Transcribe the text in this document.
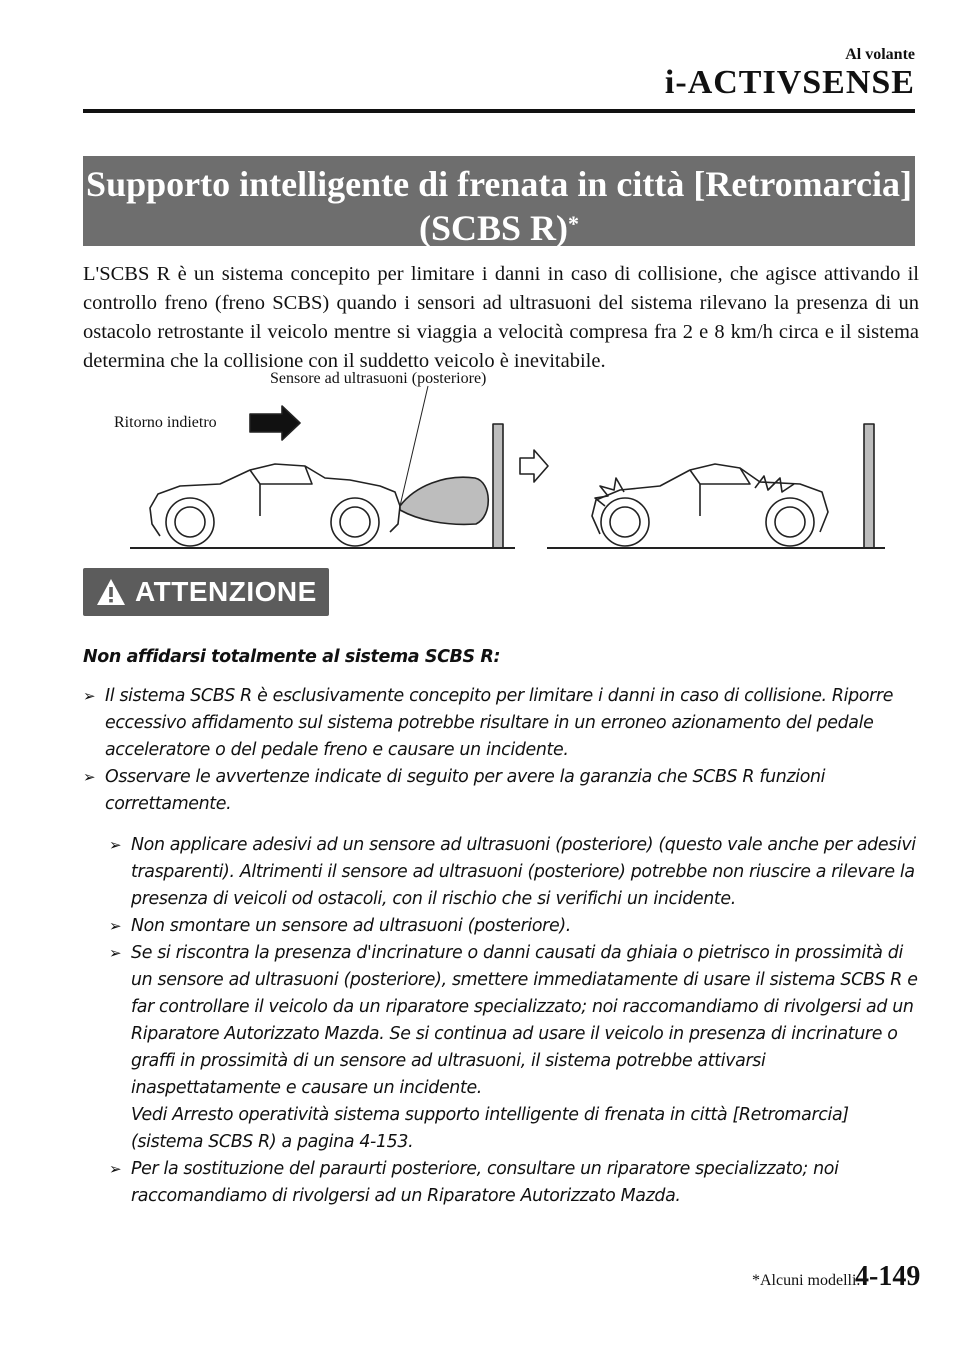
Al volante
i-ACTIVSENSE
Supporto intelligente di frenata in città [Retromarcia]
(SCBS R)*
L'SCBS R è un sistema concepito per limitare i danni in caso di collisione, che agisce attivando il controllo freno (freno SCBS) quando i sensori ad ultrasuoni del sistema rilevano la presenza di un ostacolo retrostante il veicolo mentre si viaggia a velocità compresa fra 2 e 8 km/h circa e il sistema determina che la collisione con il suddetto veicolo è inevitabile.
Sensore ad ultrasuoni (posteriore)
Ritorno indietro
ATTENZIONE
Non affidarsi totalmente al sistema SCBS R:
➢ Il sistema SCBS R è esclusivamente concepito per limitare i danni in caso di collisione. Riporre eccessivo affidamento sul sistema potrebbe risultare in un erroneo azionamento del pedale acceleratore o del pedale freno e causare un incidente.
➢ Osservare le avvertenze indicate di seguito per avere la garanzia che SCBS R funzioni correttamente.
➢ Non applicare adesivi ad un sensore ad ultrasuoni (posteriore) (questo vale anche per adesivi trasparenti). Altrimenti il sensore ad ultrasuoni (posteriore) potrebbe non riuscire a rilevare la presenza di veicoli od ostacoli, con il rischio che si verifichi un incidente.
➢ Non smontare un sensore ad ultrasuoni (posteriore).
➢ Se si riscontra la presenza d'incrinature o danni causati da ghiaia o pietrisco in prossimità di un sensore ad ultrasuoni (posteriore), smettere immediatamente di usare il sistema SCBS R e far controllare il veicolo da un riparatore specializzato; noi raccomandiamo di rivolgersi ad un Riparatore Autorizzato Mazda. Se si continua ad usare il veicolo in presenza di incrinature o graffi in prossimità di un sensore ad ultrasuoni, il sistema potrebbe attivarsi inaspettatamente e causare un incidente.
Vedi Arresto operatività sistema supporto intelligente di frenata in città [Retromarcia] (sistema SCBS R) a pagina 4-153.
➢ Per la sostituzione del paraurti posteriore, consultare un riparatore specializzato; noi raccomandiamo di rivolgersi ad un Riparatore Autorizzato Mazda.
*Alcuni modelli.
4-149
